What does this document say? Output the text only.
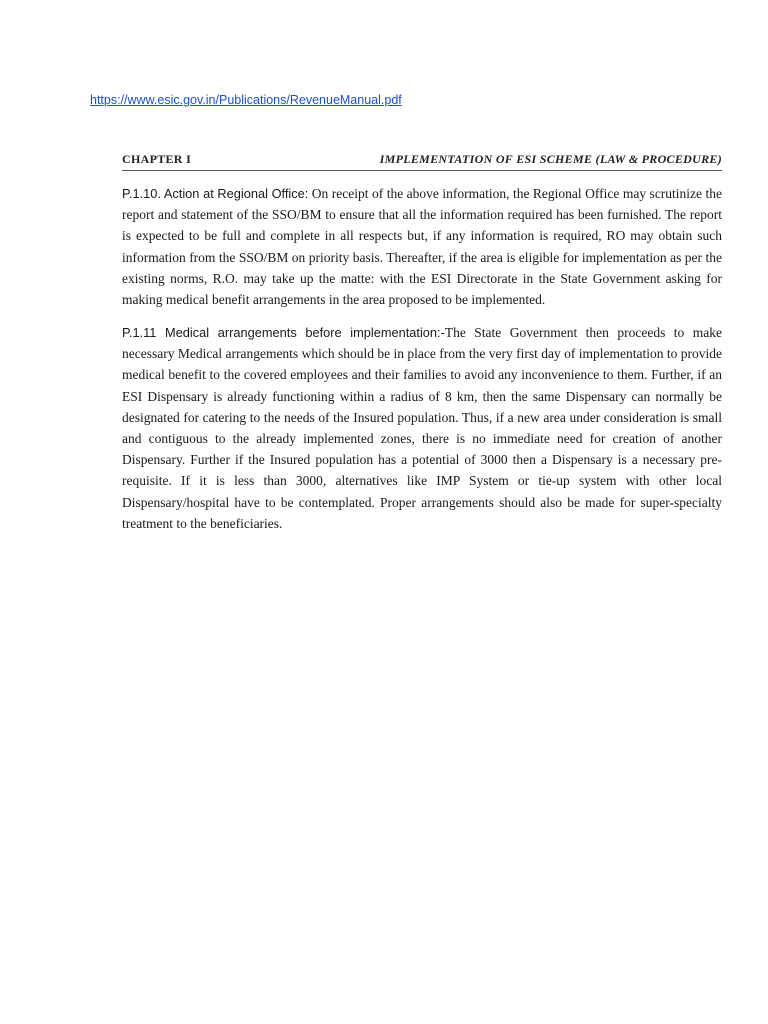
https://www.esic.gov.in/Publications/RevenueManual.pdf
CHAPTER I	IMPLEMENTATION OF ESI SCHEME (LAW & PROCEDURE)

P.1.10. Action at Regional Office: On receipt of the above information, the Regional Office may scrutinize the report and statement of the SSO/BM to ensure that all the information required has been furnished. The report is expected to be full and complete in all respects but, if any information is required, RO may obtain such information from the SSO/BM on priority basis. Thereafter, if the area is eligible for implementation as per the existing norms, R.O. may take up the matte: with the ESI Directorate in the State Government asking for making medical benefit arrangements in the area proposed to be implemented.

P.1.11 Medical arrangements before implementation:-The State Government then proceeds to make necessary Medical arrangements which should be in place from the very first day of implementation to provide medical benefit to the covered employees and their families to avoid any inconvenience to them. Further, if an ESI Dispensary is already functioning within a radius of 8 km, then the same Dispensary can normally be designated for catering to the needs of the Insured population. Thus, if a new area under consideration is small and contiguous to the already implemented zones, there is no immediate need for creation of another Dispensary. Further if the Insured population has a potential of 3000 then a Dispensary is a necessary pre-requisite. If it is less than 3000, alternatives like IMP System or tie-up system with other local Dispensary/hospital have to be contemplated. Proper arrangements should also be made for super-specialty treatment to the beneficiaries.
